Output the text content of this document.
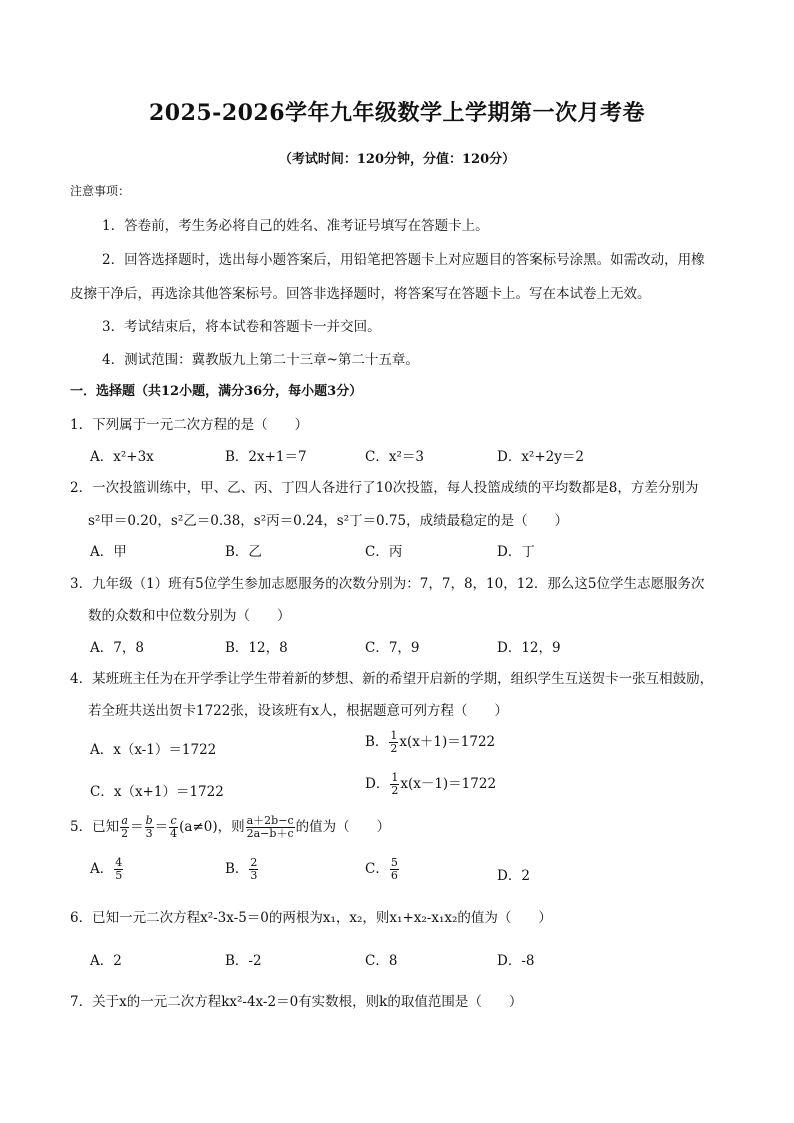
2025-2026学年九年级数学上学期第一次月考卷
（考试时间：120分钟，分值：120分）
注意事项：
1．答卷前，考生务必将自己的姓名、准考证号填写在答题卡上。
2．回答选择题时，选出每小题答案后，用铅笔把答题卡上对应题目的答案标号涂黑。如需改动，用橡
皮擦干净后，再选涂其他答案标号。回答非选择题时，将答案写在答题卡上。写在本试卷上无效。
3．考试结束后，将本试卷和答题卡一并交回。
4．测试范围：冀教版九上第二十三章~第二十五章。
一．选择题（共12小题，满分36分，每小题3分）
1．下列属于一元二次方程的是（　　）
A．x²+3x	B．2x+1＝7	C．x²＝3	D．x²+2y＝2
2．一次投篮训练中，甲、乙、丙、丁四人各进行了10次投篮，每人投篮成绩的平均数都是8，方差分别为
s²甲＝0.20，s²乙＝0.38，s²丙＝0.24，s²丁＝0.75，成绩最稳定的是（　　）
A．甲	B．乙	C．丙	D．丁
3．九年级（1）班有5位学生参加志愿服务的次数分别为：7，7，8，10，12．那么这5位学生志愿服务次
数的众数和中位数分别为（　　）
A．7，8	B．12，8	C．7，9	D．12，9
4．某班班主任为在开学季让学生带着新的梦想、新的希望开启新的学期，组织学生互送贺卡一张互相鼓励，
若全班共送出贺卡1722张，设该班有x人，根据题意可列方程（　　）
A．x（x-1）＝1722	B． $\frac{1}{2} x(x+1)=1722$
C．x（x+1）＝1722	D． $\frac{1}{2} x(x-1)=1722$
5．已知 $\frac{a}{2} = \frac{b}{3} = \frac{c}{4} (a\ne 0)$，则 $\frac{a+2b-c}{2a-b+c}$ 的值为（　　）
A． $\frac{4}{5}$	B． $\frac{2}{3}$	C． $\frac{5}{6}$	D．2
6．已知一元二次方程x²-3x-5＝0的两根为x₁，x₂，则x₁+x₂-x₁x₂的值为（　　）
A．2	B．-2	C．8	D．-8
7．关于x的一元二次方程kx²-4x-2＝0有实数根，则k的取值范围是（　　）
